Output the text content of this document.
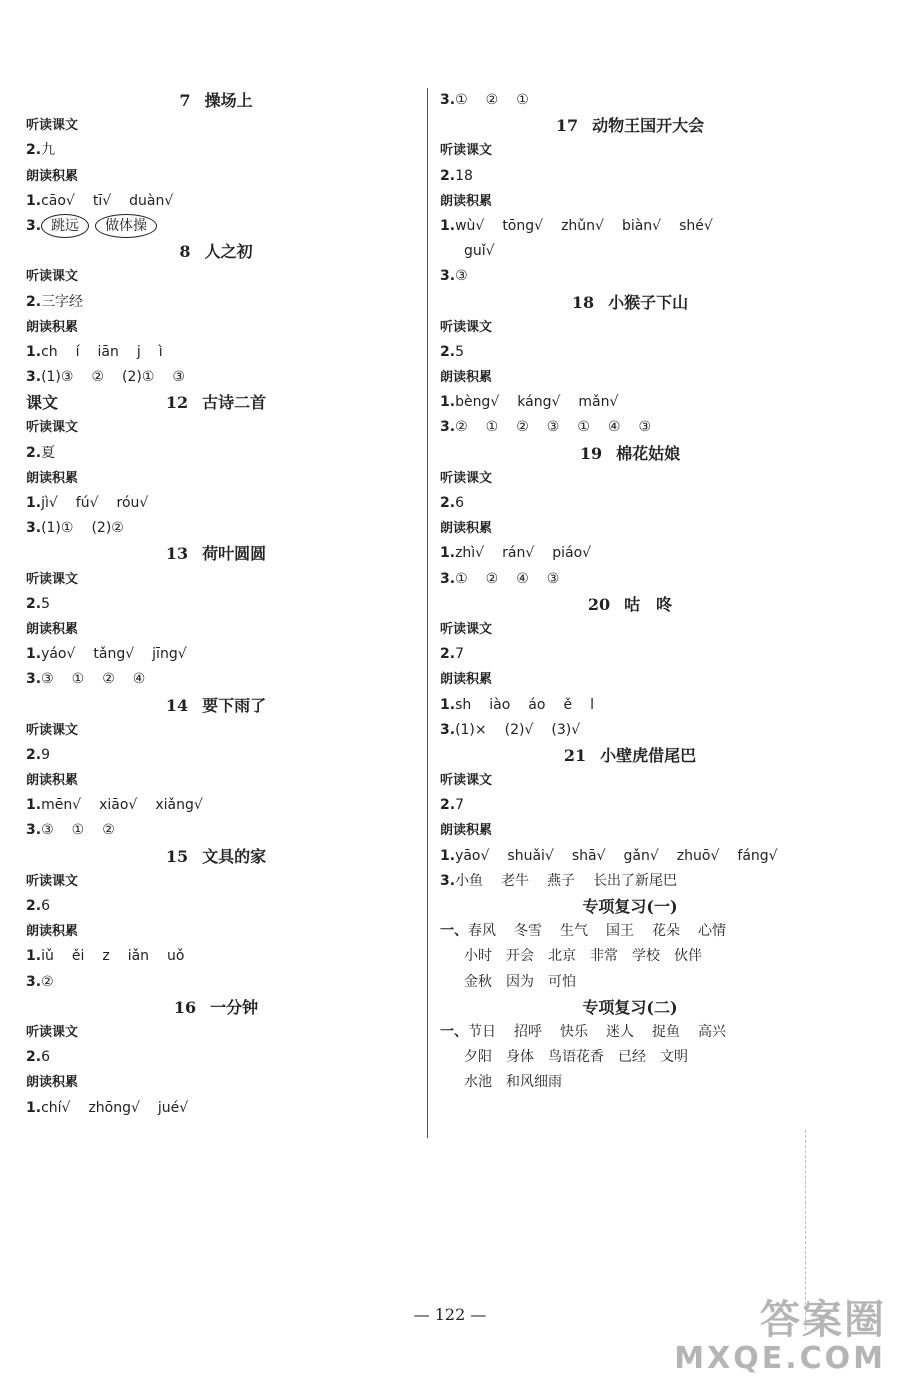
7 操场上
听读课文
2.九
朗读积累
1.cāo√ tī√ duàn√
3. 跳远 做体操
8 人之初
听读课文
2.三字经
朗读积累
1.ch í iān j ì
3.(1)③ ② (2)① ③
课文	12 古诗二首
听读课文
2.夏
朗读积累
1.jì√ fú√ róu√
3.(1)① (2)②
13 荷叶圆圆
听读课文
2.5
朗读积累
1.yáo√ tǎng√ jīng√
3.③ ① ② ④
14 要下雨了
听读课文
2.9
朗读积累
1.mēn√ xiāo√ xiǎng√
3.③ ① ②
15 文具的家
听读课文
2.6
朗读积累
1.iǔ ěi z iǎn uǒ
3.②
16 一分钟
听读课文
2.6
朗读积累
1.chí√ zhōng√ jué√
3.① ② ①
17 动物王国开大会
听读课文
2.18
朗读积累
1.wù√ tōng√ zhǔn√ biàn√ shé√
guǐ√
3.③
18 小猴子下山
听读课文
2.5
朗读积累
1.bèng√ káng√ mǎn√
3.② ① ② ③ ① ④ ③
19 棉花姑娘
听读课文
2.6
朗读积累
1.zhì√ rán√ piáo√
3.① ② ④ ③
20 咕　咚
听读课文
2.7
朗读积累
1.sh iào áo ě l
3.(1)× (2)√ (3)√
21 小壁虎借尾巴
听读课文
2.7
朗读积累
1.yāo√ shuǎi√ shā√ gǎn√ zhuō√ fáng√
3.小鱼 老牛 燕子 长出了新尾巴
专项复习(一)
一、春风 冬雪 生气 国王 花朵 心情
小时 开会 北京 非常 学校 伙伴
金秋 因为 可怕
专项复习(二)
一、节日 招呼 快乐 迷人 捉鱼 高兴
夕阳 身体 鸟语花香 已经 文明
水池 和风细雨
— 122 —	答案圈
MXQE.COM
